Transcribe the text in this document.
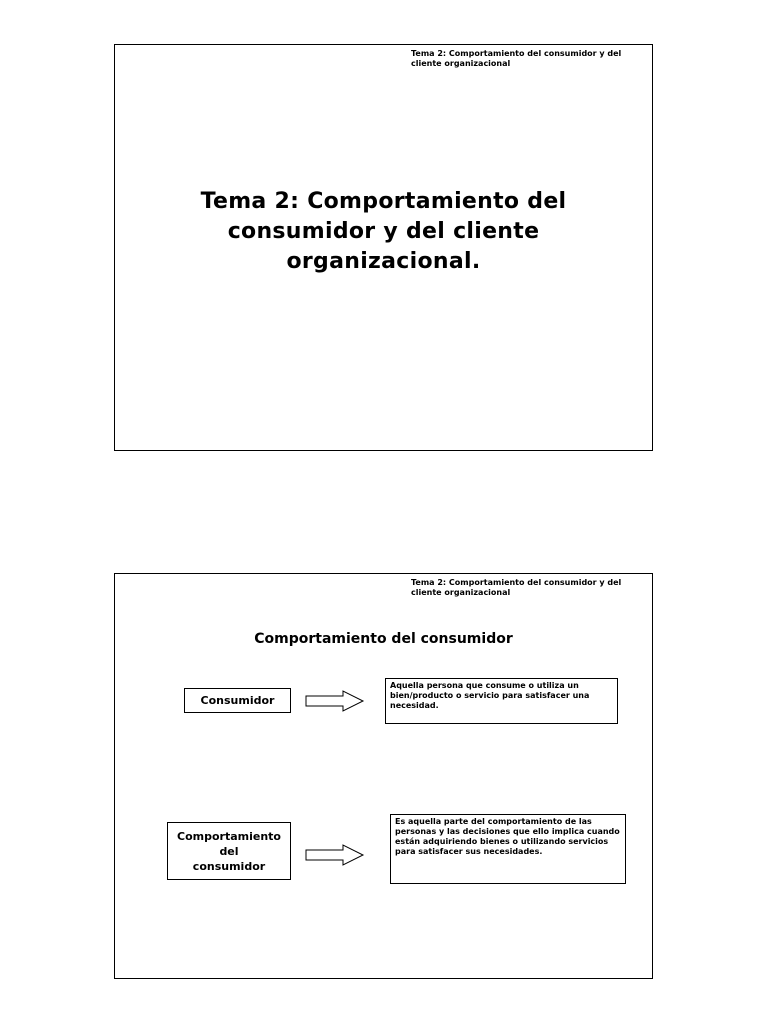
Tema 2: Comportamiento del consumidor y del cliente organizacional
Tema 2: Comportamiento del
consumidor y del cliente
organizacional.
Tema 2: Comportamiento del consumidor y del cliente organizacional
Comportamiento del consumidor
Consumidor
Aquella persona que consume o utiliza un bien/producto o servicio para satisfacer una necesidad.
Comportamiento
del
consumidor
Es aquella parte del comportamiento de las personas y las decisiones que ello implica cuando están adquiriendo bienes o utilizando servicios para satisfacer sus necesidades.
